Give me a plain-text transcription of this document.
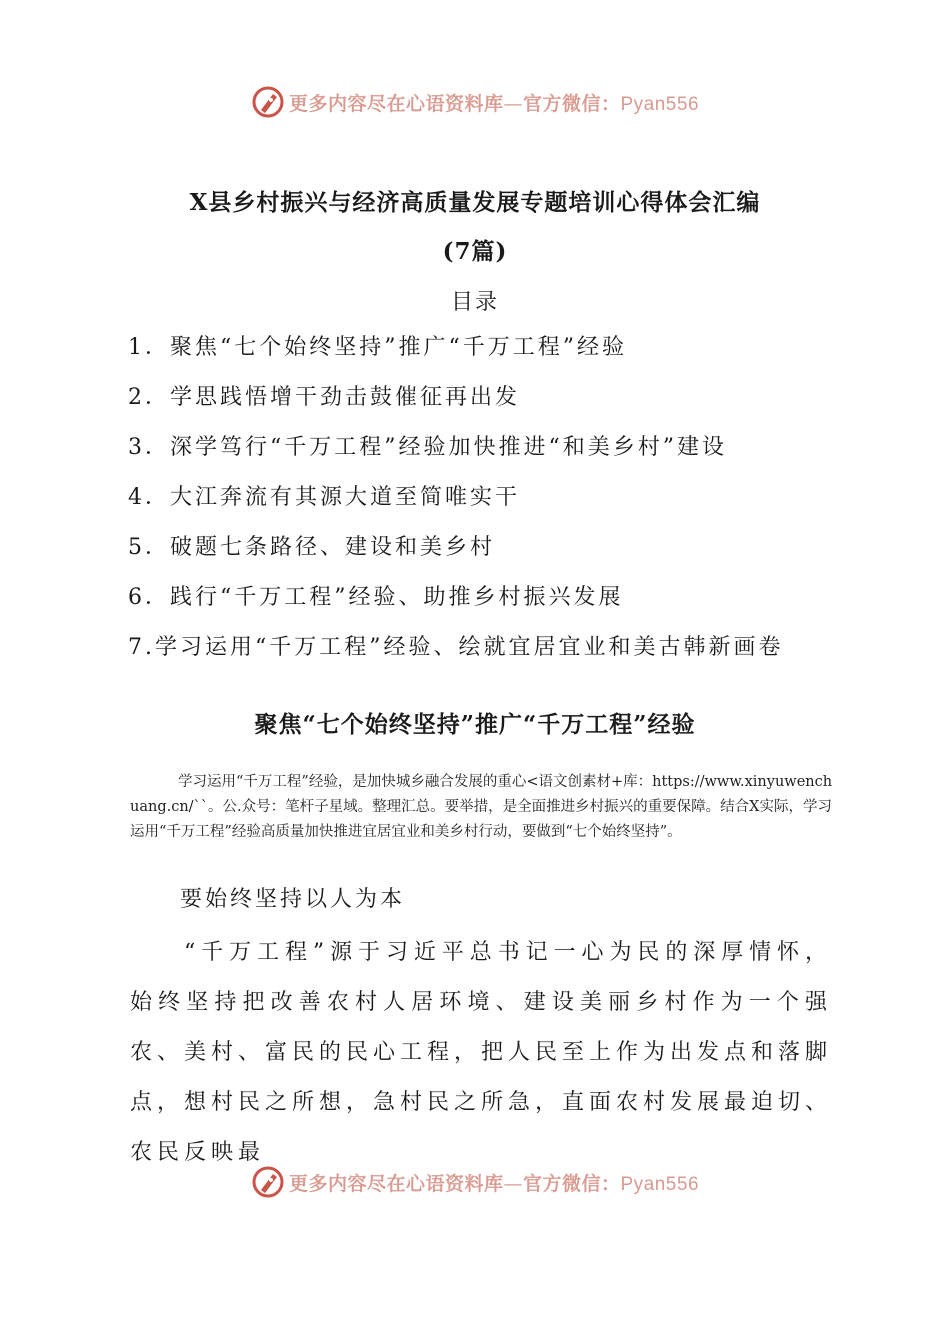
更多内容尽在心语资料库—官方微信：Pyan556
X县乡村振兴与经济高质量发展专题培训心得体会汇编
(7篇)
目录
1．聚焦“七个始终坚持”推广“千万工程”经验
2．学思践悟增干劲击鼓催征再出发
3．深学笃行“千万工程”经验加快推进“和美乡村”建设
4．大江奔流有其源大道至简唯实干
5．破题七条路径、建设和美乡村
6．践行“千万工程”经验、助推乡村振兴发展
7.学习运用“千万工程”经验、绘就宜居宜业和美古韩新画卷
聚焦“七个始终坚持”推广“千万工程”经验

学习运用“千万工程”经验，是加快城乡融合发展的重心<语文创素材+库：https://www.xinyuwenchuang.cn/``。公.众号：笔杆子星域。整理汇总。要举措，是全面推进乡村振兴的重要保障。结合X实际，学习运用“千万工程”经验高质量加快推进宜居宜业和美乡村行动，要做到“七个始终坚持”。

要始终坚持以人为本

“千万工程”源于习近平总书记一心为民的深厚情怀，始终坚持把改善农村人居环境、建设美丽乡村作为一个强农、美村、富民的民心工程，把人民至上作为出发点和落脚点，想村民之所想，急村民之所急，直面农村发展最迫切、农民反映最

更多内容尽在心语资料库—官方微信：Pyan556
